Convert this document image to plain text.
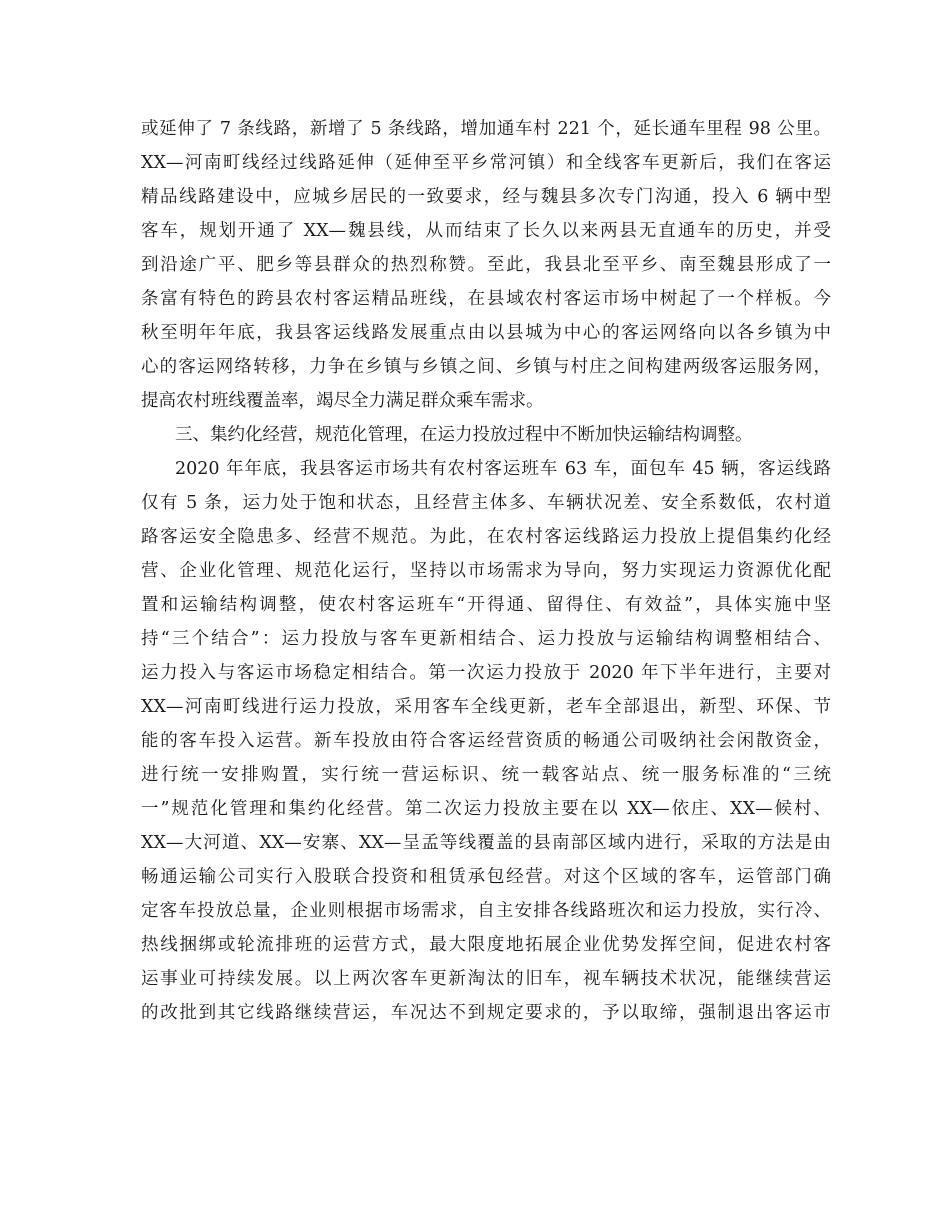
或延伸了 7 条线路，新增了 5 条线路，增加通车村 221 个，延长通车里程 98 公里。
XX—河南町线经过线路延伸（延伸至平乡常河镇）和全线客车更新后，我们在客运
精品线路建设中，应城乡居民的一致要求，经与魏县多次专门沟通，投入 6 辆中型
客车，规划开通了 XX—魏县线，从而结束了长久以来两县无直通车的历史，并受
到沿途广平、肥乡等县群众的热烈称赞。至此，我县北至平乡、南至魏县形成了一
条富有特色的跨县农村客运精品班线，在县域农村客运市场中树起了一个样板。今
秋至明年年底，我县客运线路发展重点由以县城为中心的客运网络向以各乡镇为中
心的客运网络转移，力争在乡镇与乡镇之间、乡镇与村庄之间构建两级客运服务网，
提高农村班线覆盖率，竭尽全力满足群众乘车需求。
三、集约化经营，规范化管理，在运力投放过程中不断加快运输结构调整。
2020 年年底，我县客运市场共有农村客运班车 63 车，面包车 45 辆，客运线路
仅有 5 条，运力处于饱和状态，且经营主体多、车辆状况差、安全系数低，农村道
路客运安全隐患多、经营不规范。为此，在农村客运线路运力投放上提倡集约化经
营、企业化管理、规范化运行，坚持以市场需求为导向，努力实现运力资源优化配
置和运输结构调整，使农村客运班车“开得通、留得住、有效益”，具体实施中坚
持“三个结合”：运力投放与客车更新相结合、运力投放与运输结构调整相结合、
运力投入与客运市场稳定相结合。第一次运力投放于 2020 年下半年进行，主要对
XX—河南町线进行运力投放，采用客车全线更新，老车全部退出，新型、环保、节
能的客车投入运营。新车投放由符合客运经营资质的畅通公司吸纳社会闲散资金，
进行统一安排购置，实行统一营运标识、统一载客站点、统一服务标准的“三统
一”规范化管理和集约化经营。第二次运力投放主要在以 XX—依庄、XX—候村、
XX—大河道、XX—安寨、XX—呈孟等线覆盖的县南部区域内进行，采取的方法是由
畅通运输公司实行入股联合投资和租赁承包经营。对这个区域的客车，运管部门确
定客车投放总量，企业则根据市场需求，自主安排各线路班次和运力投放，实行冷、
热线捆绑或轮流排班的运营方式，最大限度地拓展企业优势发挥空间，促进农村客
运事业可持续发展。以上两次客车更新淘汰的旧车，视车辆技术状况，能继续营运
的改批到其它线路继续营运，车况达不到规定要求的，予以取缔，强制退出客运市
